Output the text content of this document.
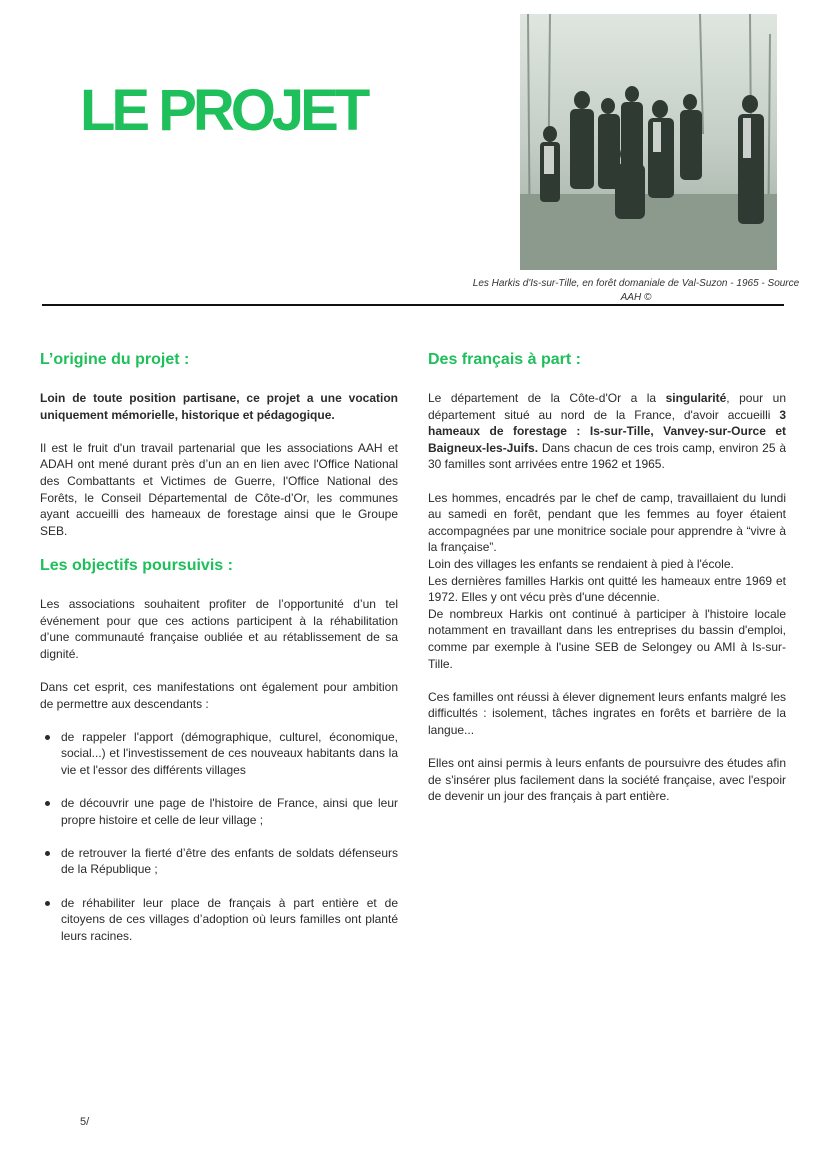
LE PROJET
Les Harkis d'Is-sur-Tille, en forêt domaniale de Val-Suzon - 1965 - Source AAH ©
L’origine du projet :

Loin de toute position partisane, ce projet a une vocation uniquement mémorielle, historique et pédagogique.

Il est le fruit d'un travail partenarial que les associations AAH et ADAH ont mené durant près d’un an en lien avec l'Office National des Combattants et Victimes de Guerre, l'Office National des Forêts, le Conseil Départemental de Côte-d’Or, les communes ayant accueilli des hameaux de forestage ainsi que le Groupe SEB.

Les objectifs poursuivis :

Les associations souhaitent profiter de l’opportunité d’un tel événement pour que ces actions participent à la réhabilitation d’une communauté française oubliée et au rétablissement de sa dignité.

Dans cet esprit, ces manifestations ont également pour ambition de permettre aux descendants :

de rappeler l'apport (démographique, culturel, économique, social...) et l'investissement de ces nouveaux habitants dans la vie et l'essor des différents villages
de découvrir une page de l'histoire de France, ainsi que leur propre histoire et celle de leur village ;
de retrouver la fierté d’être des enfants de soldats défenseurs de la République ;
de réhabiliter leur place de français à part entière et de citoyens de ces villages d’adoption où leurs familles ont planté leurs racines.
Des français à part :

Le département de la Côte-d'Or a la singularité, pour un département situé au nord de la France, d'avoir accueilli 3 hameaux de forestage : Is-sur-Tille, Vanvey-sur-Ource et Baigneux-les-Juifs. Dans chacun de ces trois camp, environ 25 à 30 familles sont arrivées entre 1962 et 1965.

Les hommes, encadrés par le chef de camp, travaillaient du lundi au samedi en forêt, pendant que les femmes au foyer étaient accompagnées par une monitrice sociale pour apprendre à “vivre à la française”.

Loin des villages les enfants se rendaient à pied à l'école.

Les dernières familles Harkis ont quitté les hameaux entre 1969 et 1972. Elles y ont vécu près d'une décennie.

De nombreux Harkis ont continué à participer à l'histoire locale notamment en travaillant dans les entreprises du bassin d'emploi, comme par exemple à l'usine SEB de Selongey ou AMI à Is-sur-Tille.

Ces familles ont réussi à élever dignement leurs enfants malgré les difficultés : isolement, tâches ingrates en forêts et barrière de la langue...

Elles ont ainsi permis à leurs enfants de poursuivre des études afin de s'insérer plus facilement dans la société française, avec l'espoir de devenir un jour des français à part entière.

5/
